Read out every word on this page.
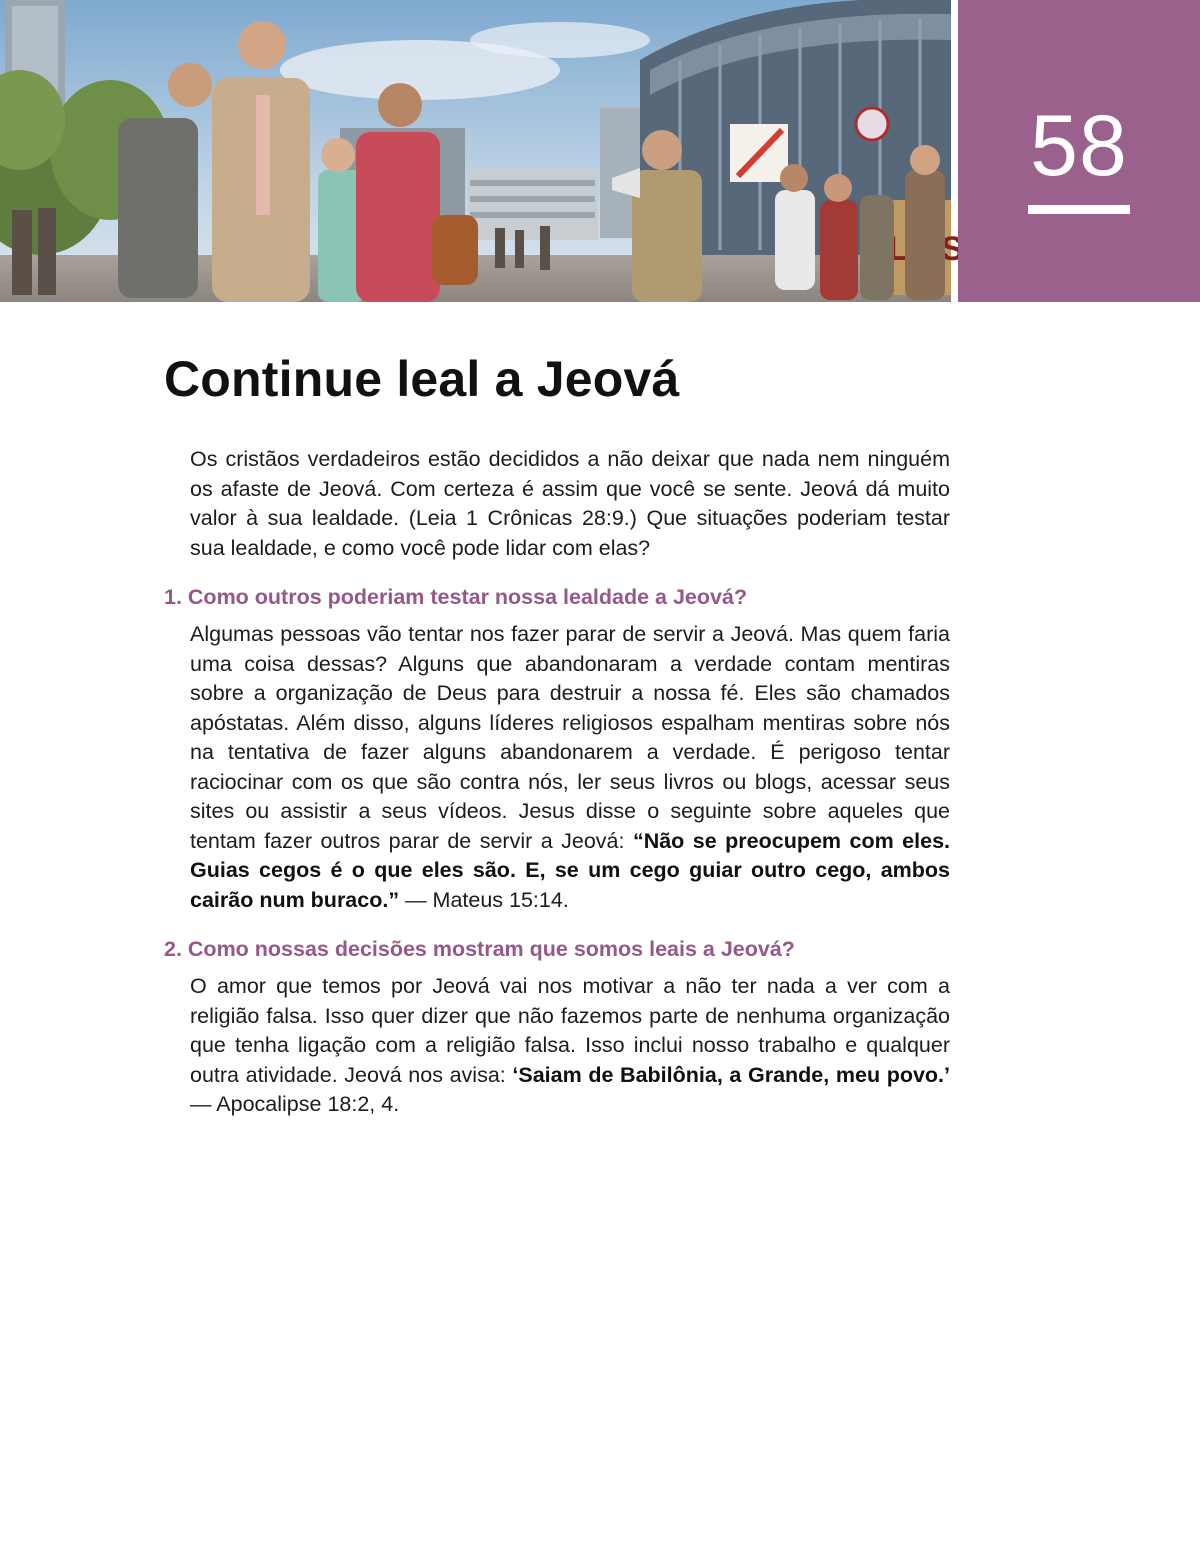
58
Continue leal a Jeová

Os cristãos verdadeiros estão decididos a não deixar que nada nem ninguém os afaste de Jeová. Com certeza é assim que você se sente. Jeová dá muito valor à sua lealdade. (Leia 1 Crônicas 28:9.) Que situações poderiam testar sua lealdade, e como você pode lidar com elas?

1. Como outros poderiam testar nossa lealdade a Jeová?

Algumas pessoas vão tentar nos fazer parar de servir a Jeová. Mas quem faria uma coisa dessas? Alguns que abandonaram a verdade contam mentiras sobre a organização de Deus para destruir a nossa fé. Eles são chamados apóstatas. Além disso, alguns líderes religiosos espalham mentiras sobre nós na tentativa de fazer alguns abandonarem a verdade. É perigoso tentar raciocinar com os que são contra nós, ler seus livros ou blogs, acessar seus sites ou assistir a seus vídeos. Jesus disse o seguinte sobre aqueles que tentam fazer outros parar de servir a Jeová: “Não se preocupem com eles. Guias cegos é o que eles são. E, se um cego guiar outro cego, ambos cairão num buraco.” — Mateus 15:14.

2. Como nossas decisões mostram que somos leais a Jeová?

O amor que temos por Jeová vai nos motivar a não ter nada a ver com a religião falsa. Isso quer dizer que não fazemos parte de nenhuma organização que tenha ligação com a religião falsa. Isso inclui nosso trabalho e qualquer outra atividade. Jeová nos avisa: ‘Saiam de Babilônia, a Grande, meu povo.’ — Apocalipse 18:2, 4.
